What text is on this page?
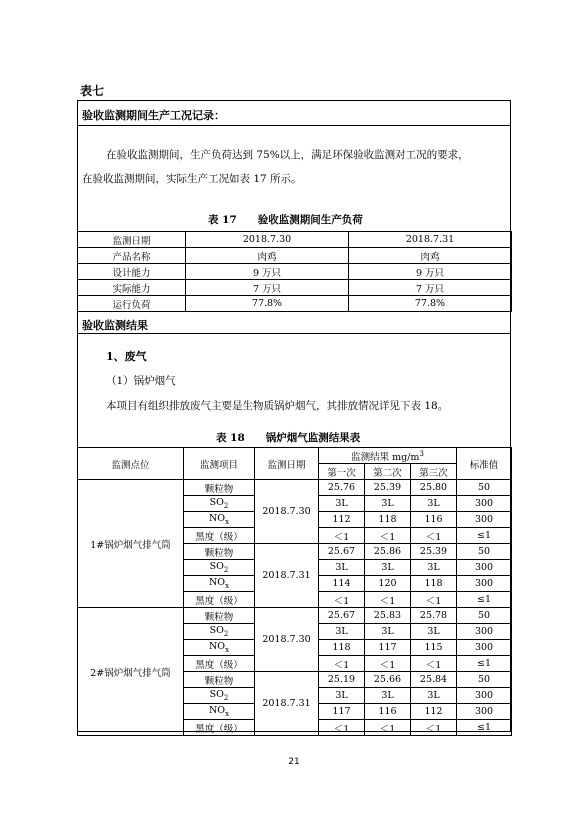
表七
验收监测期间生产工况记录：
在验收监测期间，生产负荷达到 75%以上，满足环保验收监测对工况的要求，
在验收监测期间，实际生产工况如表 17 所示。
表 17　　验收监测期间生产负荷
监测日期	2018.7.30	2018.7.31
产品名称	肉鸡	肉鸡
设计能力	9 万只	9 万只
实际能力	7 万只	7 万只
运行负荷	77.8%	77.8%
验收监测结果
1、废气
（1）锅炉烟气
本项目有组织排放废气主要是生物质锅炉烟气，其排放情况详见下表 18。
表 18　　锅炉烟气监测结果表
监测点位	监测项目	监测日期	监测结果 $mg/m^3$			标准值
			第一次	第二次	第三次	
1#锅炉烟气排气筒	颗粒物	2018.7.30	25.76	25.39	25.80	50
	$SO_2$		3L	3L	3L	300
	$NO_x$		112	118	116	300
	黑度（级）		＜1	＜1	＜1	≤1
	颗粒物	2018.7.31	25.67	25.86	25.39	50
	$SO_2$		3L	3L	3L	300
	$NO_x$		114	120	118	300
	黑度（级）		＜1	＜1	＜1	≤1
2#锅炉烟气排气筒	颗粒物	2018.7.30	25.67	25.83	25.78	50
	$SO_2$		3L	3L	3L	300
	$NO_x$		118	117	115	300
	黑度（级）		＜1	＜1	＜1	≤1
	颗粒物	2018.7.31	25.19	25.66	25.84	50
	$SO_2$		3L	3L	3L	300
	$NO_x$		117	116	112	300
	黑度（级）		＜1	＜1	＜1	≤1
21
